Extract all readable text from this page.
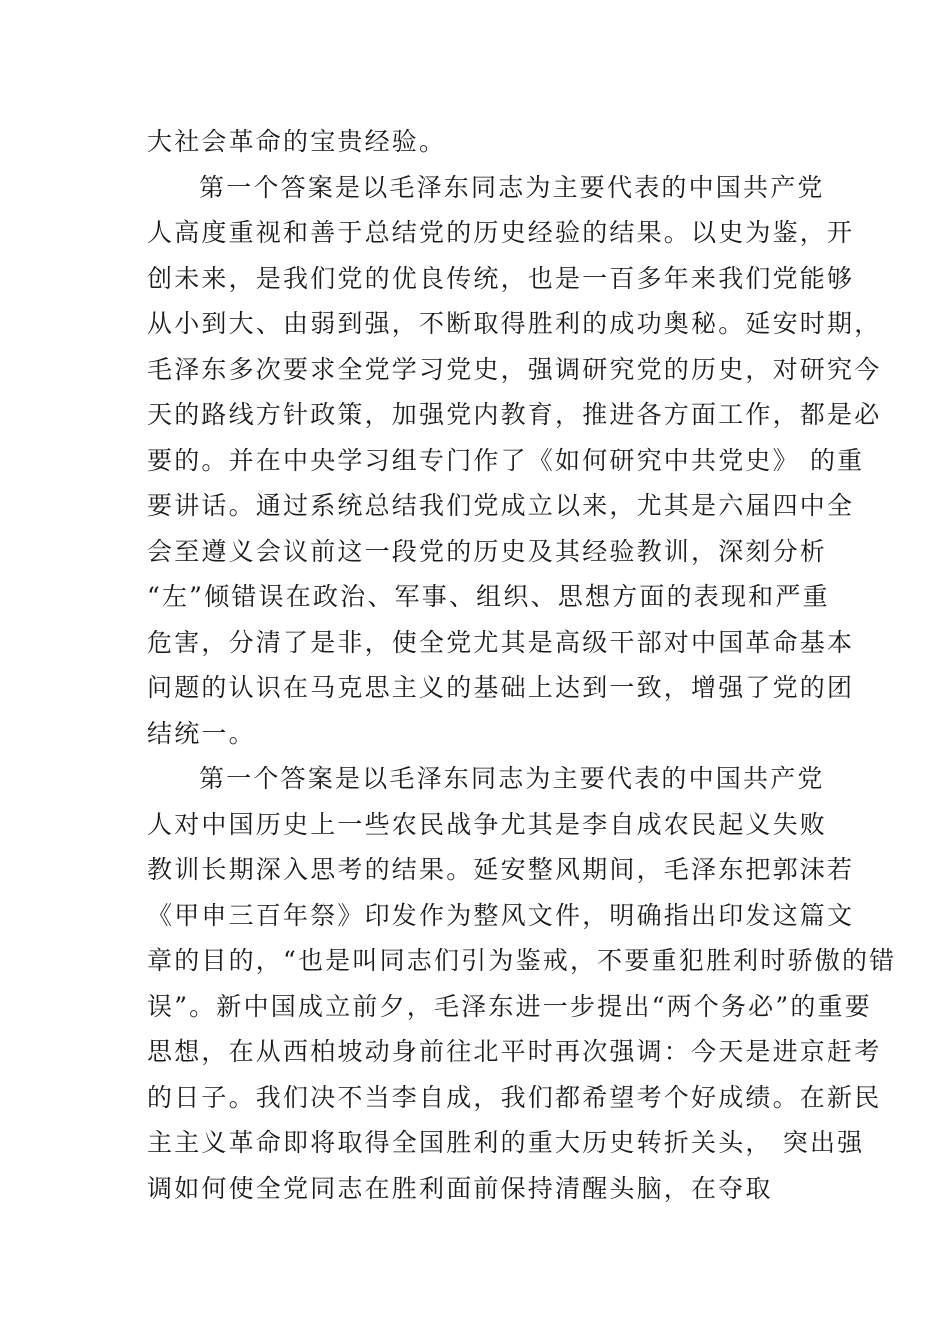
大社会革命的宝贵经验。
第一个答案是以毛泽东同志为主要代表的中国共产党
人高度重视和善于总结党的历史经验的结果。以史为鉴，开
创未来，是我们党的优良传统，也是一百多年来我们党能够
从小到大、由弱到强，不断取得胜利的成功奥秘。延安时期，
毛泽东多次要求全党学习党史，强调研究党的历史，对研究今
天的路线方针政策，加强党内教育，推进各方面工作，都是必
要的。并在中央学习组专门作了《如何研究中共党史》 的重
要讲话。通过系统总结我们党成立以来，尤其是六届四中全
会至遵义会议前这一段党的历史及其经验教训，深刻分析
“左”倾错误在政治、军事、组织、思想方面的表现和严重
危害，分清了是非，使全党尤其是高级干部对中国革命基本
问题的认识在马克思主义的基础上达到一致，增强了党的团
结统一。
第一个答案是以毛泽东同志为主要代表的中国共产党
人对中国历史上一些农民战争尤其是李自成农民起义失败
教训长期深入思考的结果。延安整风期间，毛泽东把郭沫若
《甲申三百年祭》印发作为整风文件，明确指出印发这篇文
章的目的，“也是叫同志们引为鉴戒，不要重犯胜利时骄傲的错
误”。新中国成立前夕，毛泽东进一步提出“两个务必”的重要
思想，在从西柏坡动身前往北平时再次强调：今天是进京赶考
的日子。我们决不当李自成，我们都希望考个好成绩。在新民
主主义革命即将取得全国胜利的重大历史转折关头， 突出强
调如何使全党同志在胜利面前保持清醒头脑，在夺取
